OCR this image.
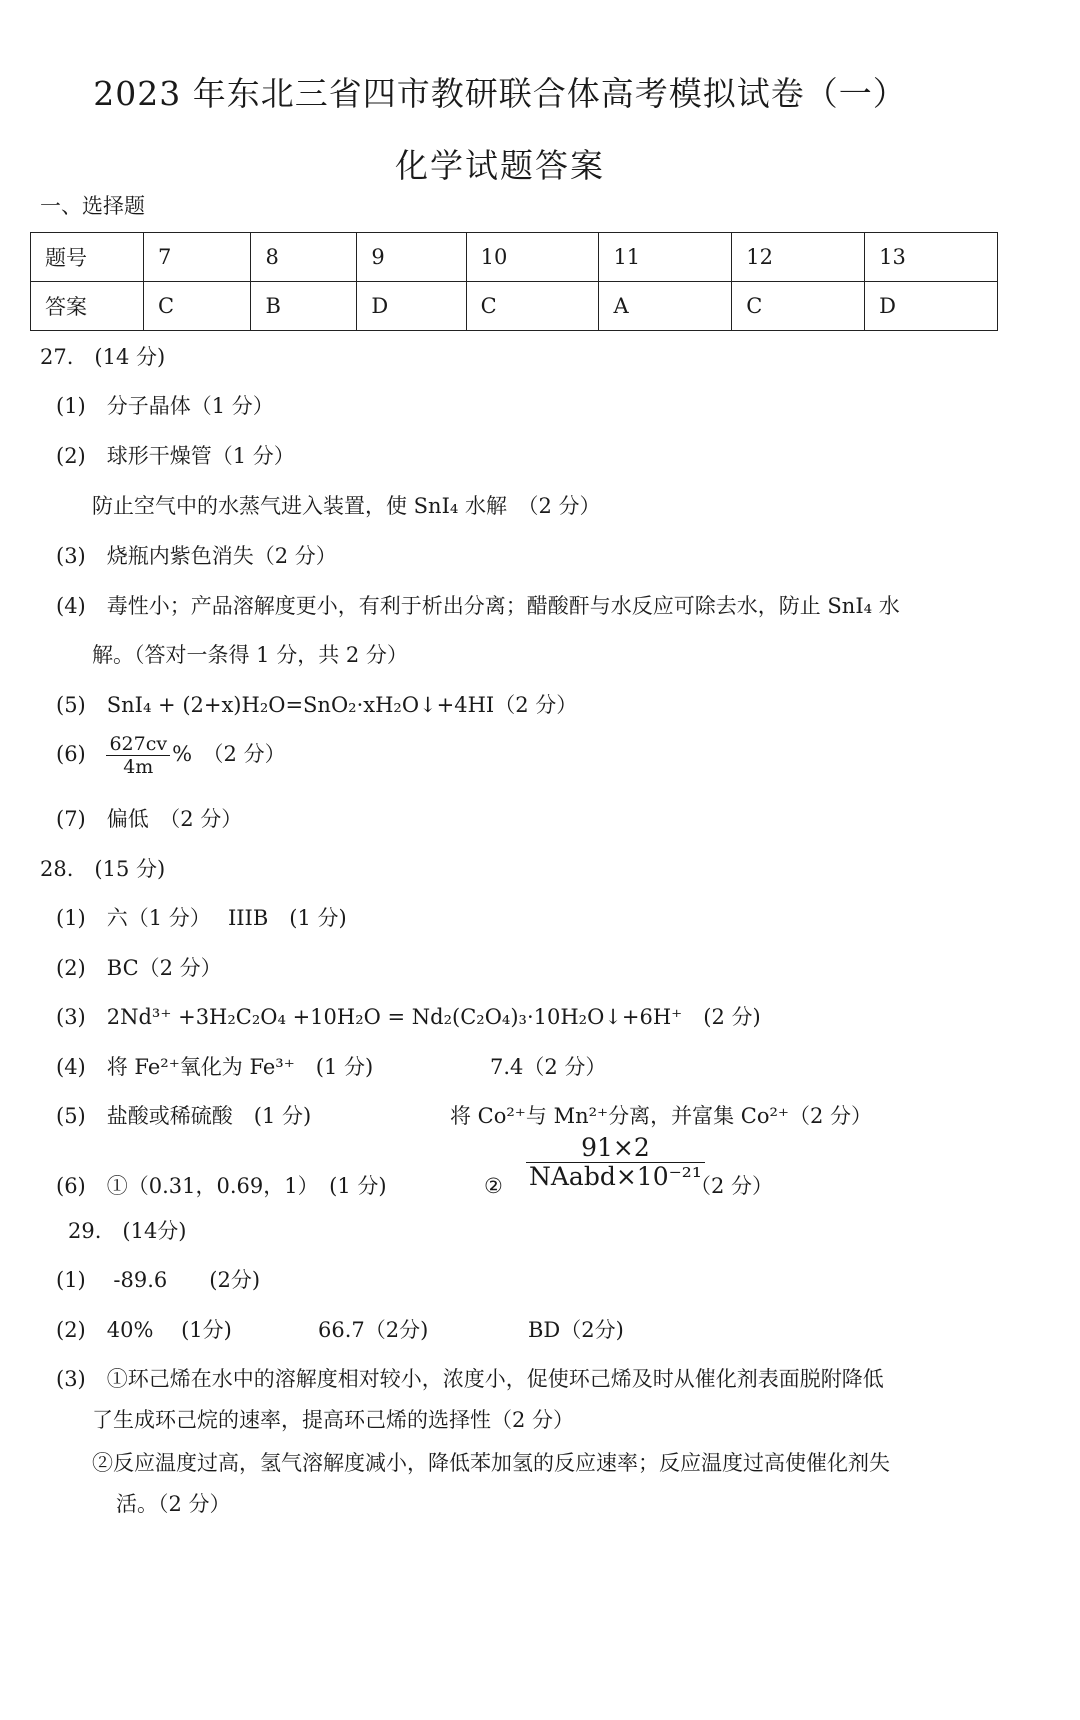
2023 年东北三省四市教研联合体高考模拟试卷（一）
化学试题答案
一、选择题
题号	7	8	9	10	11	12	13
答案	C	B	D	C	A	C	D
27.　(14 分)
(1)　分子晶体（1 分）
(2)　球形干燥管（1 分）
防止空气中的水蒸气进入装置，使 SnI₄ 水解　（2 分）
(3)　烧瓶内紫色消失（2 分）
(4)　毒性小；产品溶解度更小，有利于析出分离；醋酸酐与水反应可除去水，防止 SnI₄ 水
解。（答对一条得 1 分，共 2 分）
(5)　SnI₄ + (2+x)H₂O=SnO₂·xH₂O↓+4HI（2 分）
$(6) \frac{627cv}{4m}$ %　（2 分）
(7)　偏低　（2 分）
28.　(15 分)
(1)　六（1 分）　 IIIB　(1 分)
(2)　BC（2 分）
(3)　2Nd³⁺ +3H₂C₂O₄ +10H₂O = Nd₂(C₂O₄)₃·10H₂O↓+6H⁺　(2 分)
(4)　将 Fe²⁺氧化为 Fe³⁺　(1 分)	7.4（2 分）
(5)　盐酸或稀硫酸　(1 分)	将 Co²⁺与 Mn²⁺分离，并富集 Co²⁺（2 分）
(6)　①（0.31，0.69，1）　(1 分)	② $\frac{91\times 2}{\text{NAabd×10⁻²¹}}$
（2 分）
29.　(14分)
(1)　 -89.6　　(2分)
(2)　40%　 (1分)	66.7（2分)	BD（2分)
(3)　①环己烯在水中的溶解度相对较小，浓度小，促使环己烯及时从催化剂表面脱附降低
了生成环己烷的速率，提高环己烯的选择性（2 分）
②反应温度过高，氢气溶解度减小，降低苯加氢的反应速率；反应温度过高使催化剂失
活。（2 分）
